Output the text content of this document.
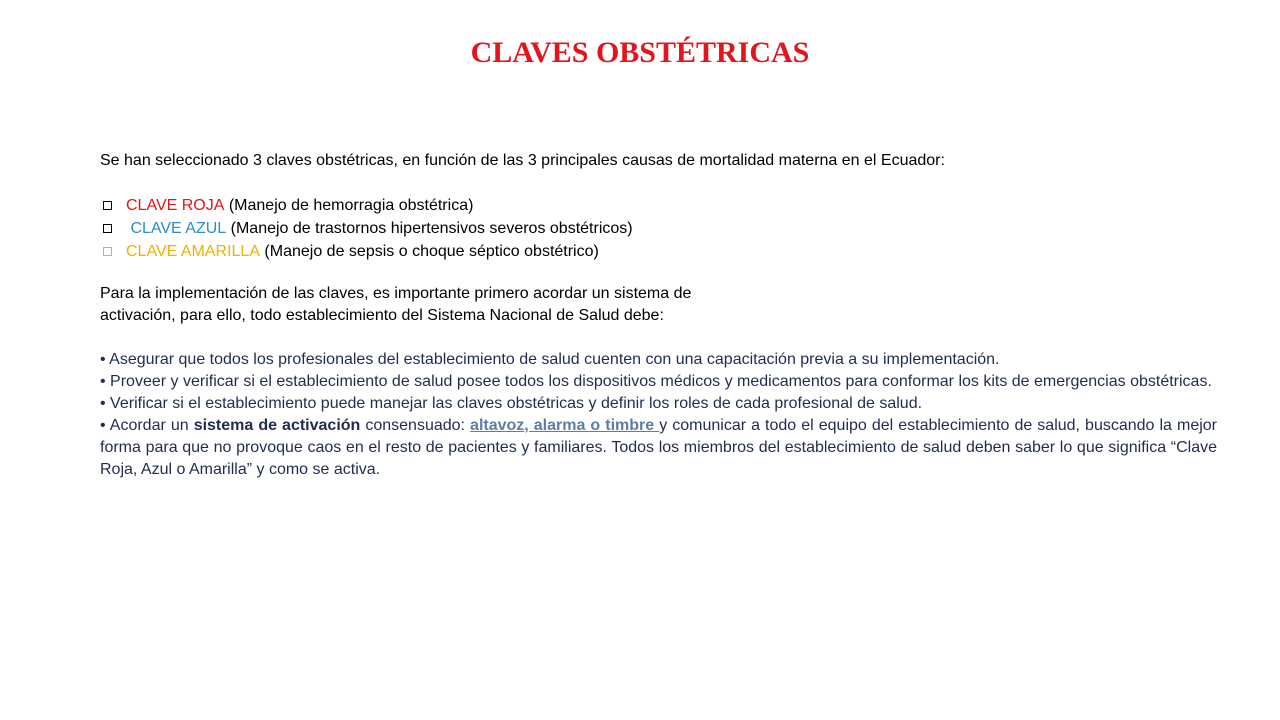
CLAVES OBSTÉTRICAS
Se han seleccionado 3 claves obstétricas, en función de las 3 principales causas de mortalidad materna en el Ecuador:
CLAVE ROJA (Manejo de hemorragia obstétrica)
CLAVE AZUL (Manejo de trastornos hipertensivos severos obstétricos)
CLAVE AMARILLA (Manejo de sepsis o choque séptico obstétrico)
Para la implementación de las claves, es importante primero acordar un sistema de
activación, para ello, todo establecimiento del Sistema Nacional de Salud debe:

• Asegurar que todos los profesionales del establecimiento de salud cuenten con una capacitación previa a su implementación.

• Proveer y verificar si el establecimiento de salud posee todos los dispositivos médicos y medicamentos para conformar los kits de emergencias obstétricas.

• Verificar si el establecimiento puede manejar las claves obstétricas y definir los roles de cada profesional de salud.

• Acordar un sistema de activación consensuado: altavoz, alarma o timbre y comunicar a todo el equipo del establecimiento de salud, buscando la mejor forma para que no provoque caos en el resto de pacientes y familiares. Todos los miembros del establecimiento de salud deben saber lo que significa “Clave Roja, Azul o Amarilla” y como se activa.
